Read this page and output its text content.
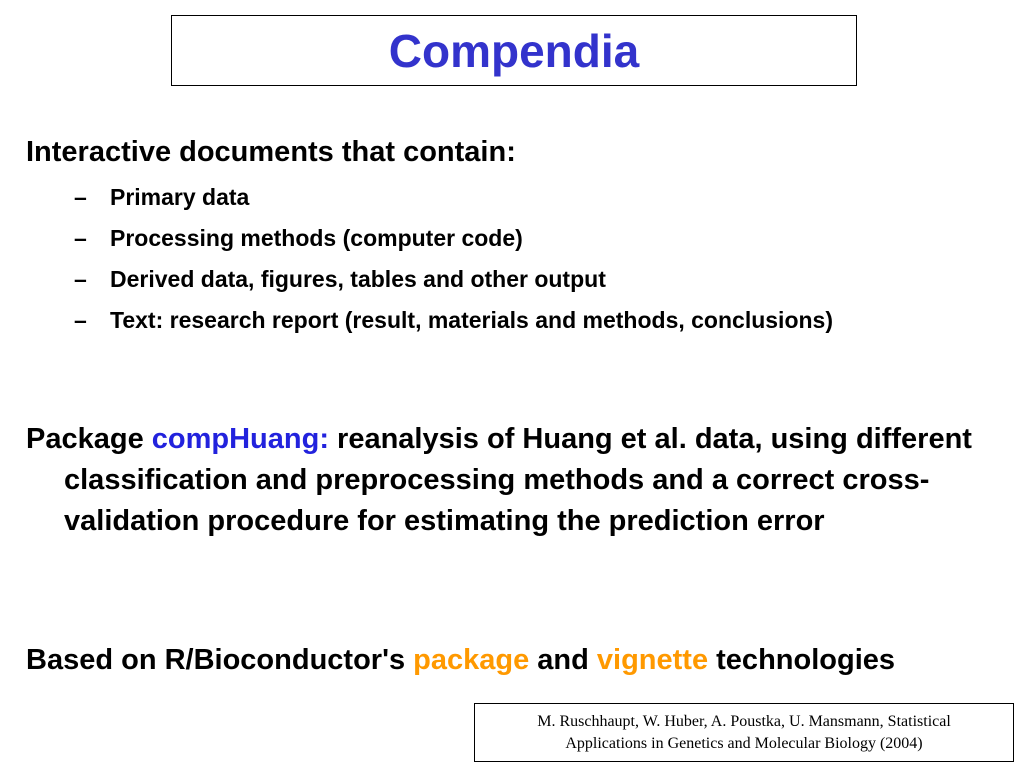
Compendia
Interactive documents that contain:
– Primary data
– Processing methods (computer code)
– Derived data, figures, tables and other output
– Text: research report (result, materials and methods, conclusions)
Package compHuang: reanalysis of Huang et al. data, using different classification and preprocessing methods and a correct cross-validation procedure for estimating the prediction error
Based on R/Bioconductor's package and vignette technologies
M. Ruschhaupt, W. Huber, A. Poustka, U. Mansmann, Statistical
Applications in Genetics and Molecular Biology (2004)
